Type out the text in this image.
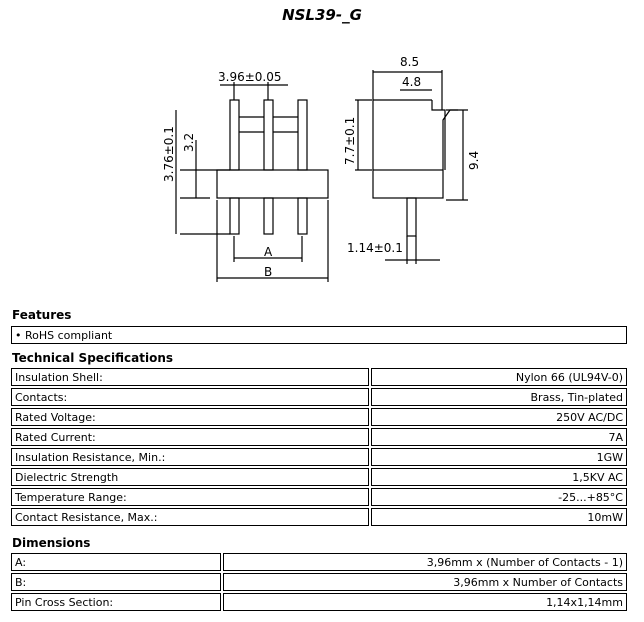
NSL39-_G
3.96±0.05
8.5
4.8
A
B
1.14±0.1
3.76±0.1 3.2	7.7±0.1	9.4
Features
• RoHS compliant
Technical Specifications
Insulation Shell:	Nylon 66 (UL94V-0)
Contacts:	Brass, Tin-plated
Rated Voltage:	250V AC/DC
Rated Current:	7A
Insulation Resistance, Min.:	1GW
Dielectric Strength	1,5KV AC
Temperature Range:	-25...+85°C
Contact Resistance, Max.:	10mW
Dimensions
A:	3,96mm x (Number of Contacts - 1)
B:	3,96mm x Number of Contacts
Pin Cross Section:	1,14x1,14mm
